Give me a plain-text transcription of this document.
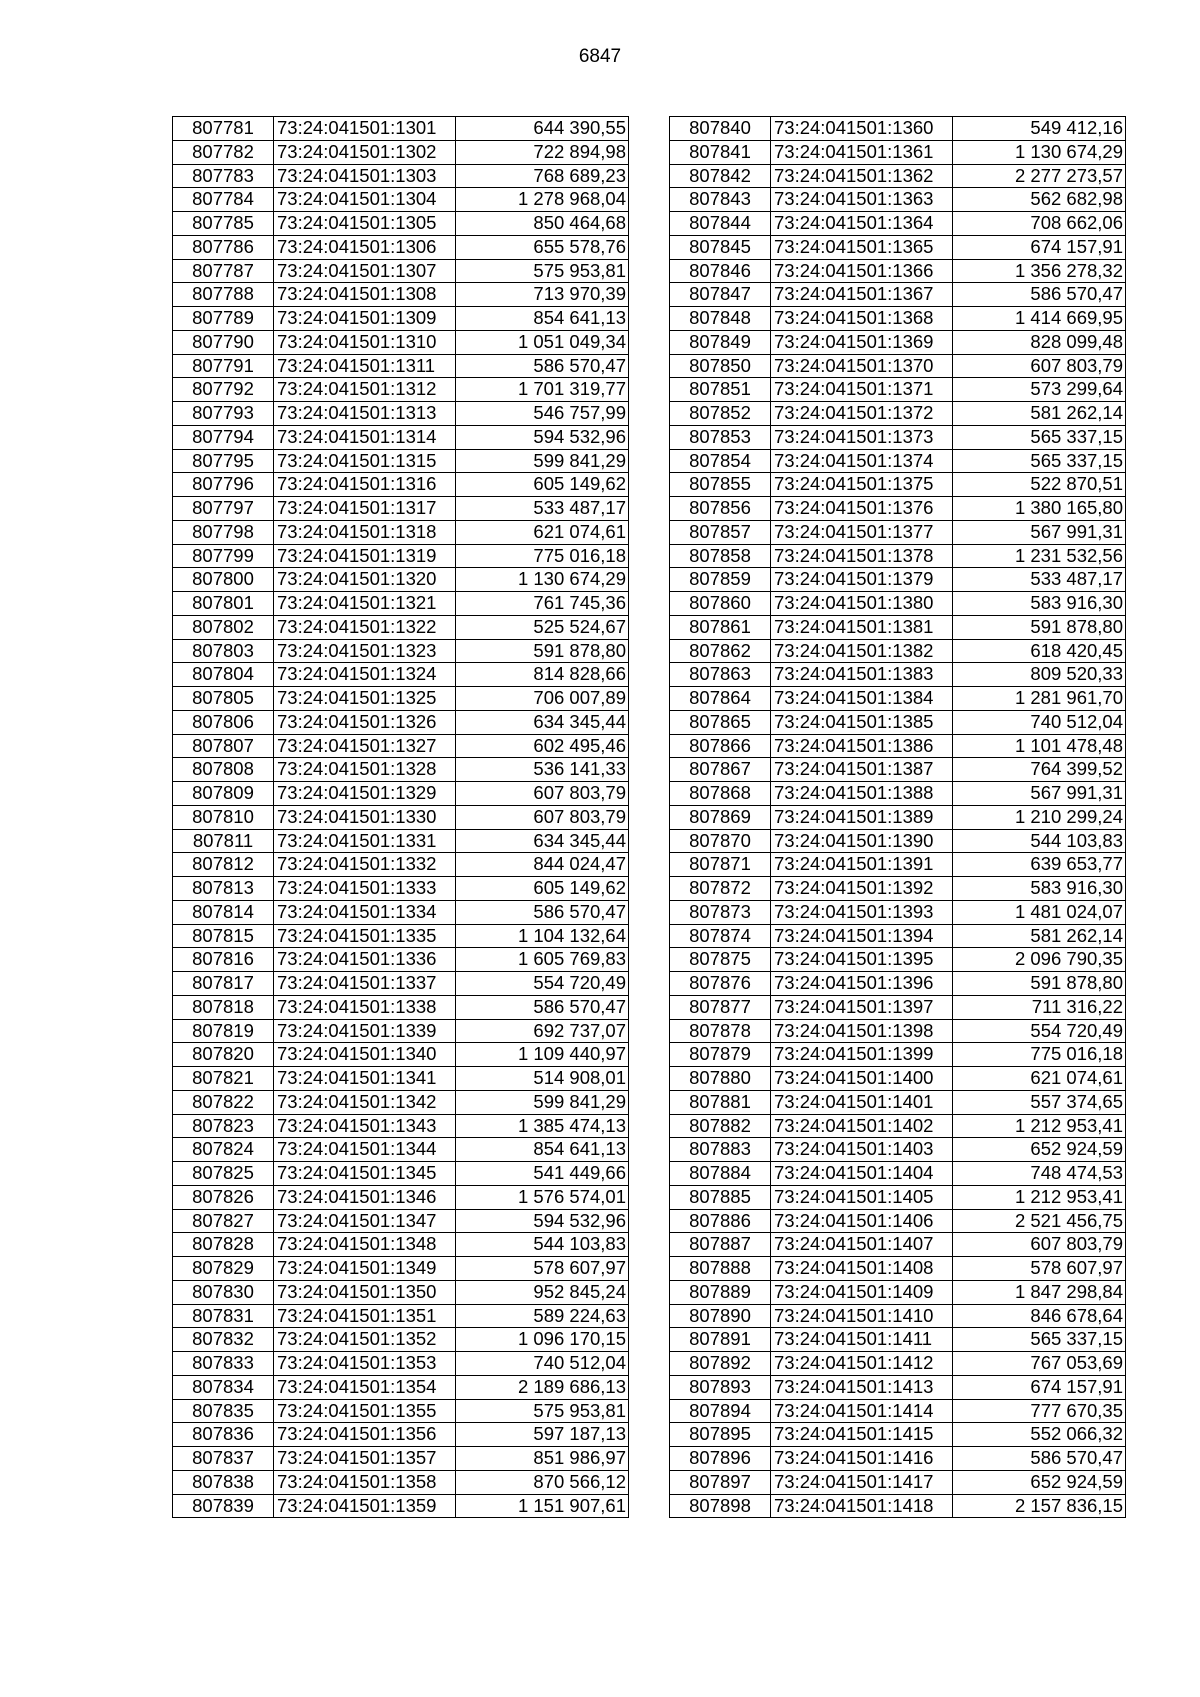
6847
807781	73:24:041501:1301	644 390,55
807782	73:24:041501:1302	722 894,98
807783	73:24:041501:1303	768 689,23
807784	73:24:041501:1304	1 278 968,04
807785	73:24:041501:1305	850 464,68
807786	73:24:041501:1306	655 578,76
807787	73:24:041501:1307	575 953,81
807788	73:24:041501:1308	713 970,39
807789	73:24:041501:1309	854 641,13
807790	73:24:041501:1310	1 051 049,34
807791	73:24:041501:1311	586 570,47
807792	73:24:041501:1312	1 701 319,77
807793	73:24:041501:1313	546 757,99
807794	73:24:041501:1314	594 532,96
807795	73:24:041501:1315	599 841,29
807796	73:24:041501:1316	605 149,62
807797	73:24:041501:1317	533 487,17
807798	73:24:041501:1318	621 074,61
807799	73:24:041501:1319	775 016,18
807800	73:24:041501:1320	1 130 674,29
807801	73:24:041501:1321	761 745,36
807802	73:24:041501:1322	525 524,67
807803	73:24:041501:1323	591 878,80
807804	73:24:041501:1324	814 828,66
807805	73:24:041501:1325	706 007,89
807806	73:24:041501:1326	634 345,44
807807	73:24:041501:1327	602 495,46
807808	73:24:041501:1328	536 141,33
807809	73:24:041501:1329	607 803,79
807810	73:24:041501:1330	607 803,79
807811	73:24:041501:1331	634 345,44
807812	73:24:041501:1332	844 024,47
807813	73:24:041501:1333	605 149,62
807814	73:24:041501:1334	586 570,47
807815	73:24:041501:1335	1 104 132,64
807816	73:24:041501:1336	1 605 769,83
807817	73:24:041501:1337	554 720,49
807818	73:24:041501:1338	586 570,47
807819	73:24:041501:1339	692 737,07
807820	73:24:041501:1340	1 109 440,97
807821	73:24:041501:1341	514 908,01
807822	73:24:041501:1342	599 841,29
807823	73:24:041501:1343	1 385 474,13
807824	73:24:041501:1344	854 641,13
807825	73:24:041501:1345	541 449,66
807826	73:24:041501:1346	1 576 574,01
807827	73:24:041501:1347	594 532,96
807828	73:24:041501:1348	544 103,83
807829	73:24:041501:1349	578 607,97
807830	73:24:041501:1350	952 845,24
807831	73:24:041501:1351	589 224,63
807832	73:24:041501:1352	1 096 170,15
807833	73:24:041501:1353	740 512,04
807834	73:24:041501:1354	2 189 686,13
807835	73:24:041501:1355	575 953,81
807836	73:24:041501:1356	597 187,13
807837	73:24:041501:1357	851 986,97
807838	73:24:041501:1358	870 566,12
807839	73:24:041501:1359	1 151 907,61
807840	73:24:041501:1360	549 412,16
807841	73:24:041501:1361	1 130 674,29
807842	73:24:041501:1362	2 277 273,57
807843	73:24:041501:1363	562 682,98
807844	73:24:041501:1364	708 662,06
807845	73:24:041501:1365	674 157,91
807846	73:24:041501:1366	1 356 278,32
807847	73:24:041501:1367	586 570,47
807848	73:24:041501:1368	1 414 669,95
807849	73:24:041501:1369	828 099,48
807850	73:24:041501:1370	607 803,79
807851	73:24:041501:1371	573 299,64
807852	73:24:041501:1372	581 262,14
807853	73:24:041501:1373	565 337,15
807854	73:24:041501:1374	565 337,15
807855	73:24:041501:1375	522 870,51
807856	73:24:041501:1376	1 380 165,80
807857	73:24:041501:1377	567 991,31
807858	73:24:041501:1378	1 231 532,56
807859	73:24:041501:1379	533 487,17
807860	73:24:041501:1380	583 916,30
807861	73:24:041501:1381	591 878,80
807862	73:24:041501:1382	618 420,45
807863	73:24:041501:1383	809 520,33
807864	73:24:041501:1384	1 281 961,70
807865	73:24:041501:1385	740 512,04
807866	73:24:041501:1386	1 101 478,48
807867	73:24:041501:1387	764 399,52
807868	73:24:041501:1388	567 991,31
807869	73:24:041501:1389	1 210 299,24
807870	73:24:041501:1390	544 103,83
807871	73:24:041501:1391	639 653,77
807872	73:24:041501:1392	583 916,30
807873	73:24:041501:1393	1 481 024,07
807874	73:24:041501:1394	581 262,14
807875	73:24:041501:1395	2 096 790,35
807876	73:24:041501:1396	591 878,80
807877	73:24:041501:1397	711 316,22
807878	73:24:041501:1398	554 720,49
807879	73:24:041501:1399	775 016,18
807880	73:24:041501:1400	621 074,61
807881	73:24:041501:1401	557 374,65
807882	73:24:041501:1402	1 212 953,41
807883	73:24:041501:1403	652 924,59
807884	73:24:041501:1404	748 474,53
807885	73:24:041501:1405	1 212 953,41
807886	73:24:041501:1406	2 521 456,75
807887	73:24:041501:1407	607 803,79
807888	73:24:041501:1408	578 607,97
807889	73:24:041501:1409	1 847 298,84
807890	73:24:041501:1410	846 678,64
807891	73:24:041501:1411	565 337,15
807892	73:24:041501:1412	767 053,69
807893	73:24:041501:1413	674 157,91
807894	73:24:041501:1414	777 670,35
807895	73:24:041501:1415	552 066,32
807896	73:24:041501:1416	586 570,47
807897	73:24:041501:1417	652 924,59
807898	73:24:041501:1418	2 157 836,15
